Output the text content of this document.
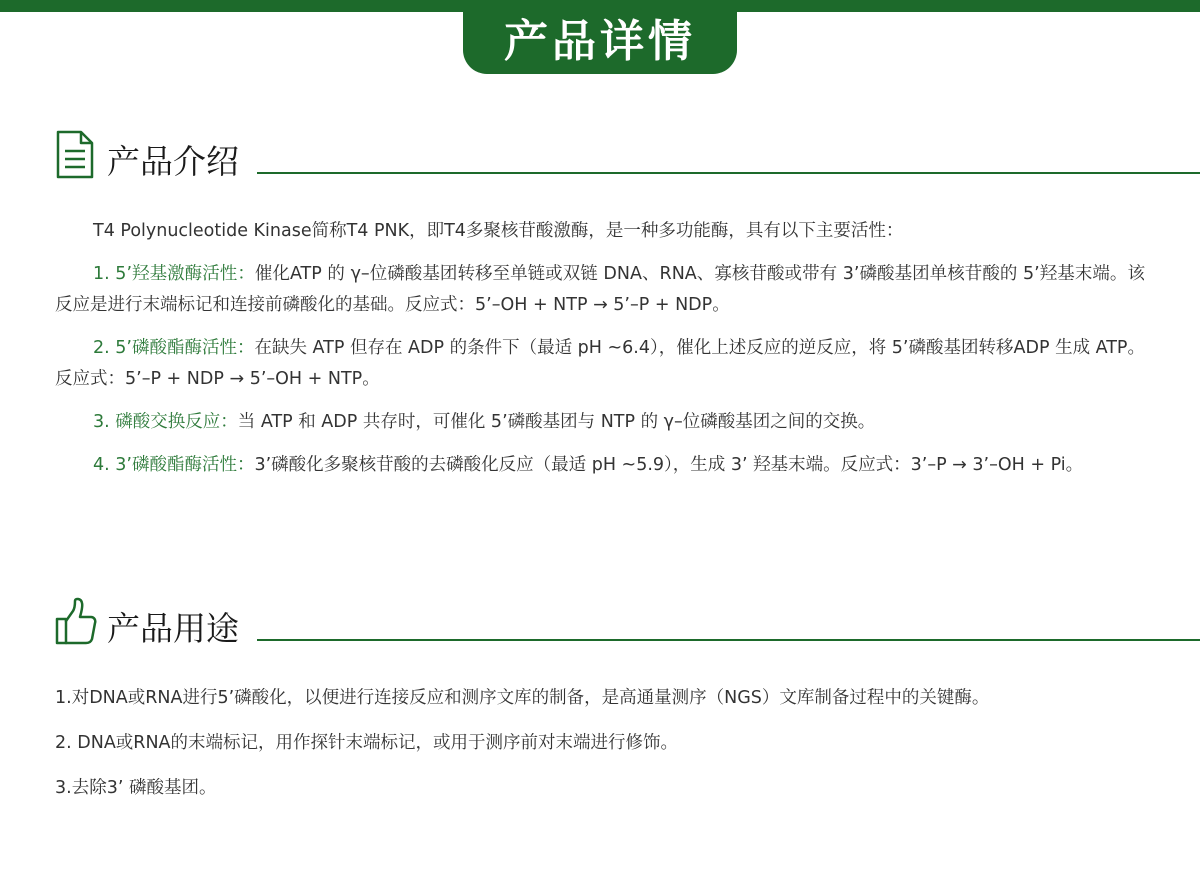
产品详情
产品介绍

T4 Polynucleotide Kinase简称T4 PNK，即T4多聚核苷酸激酶，是一种多功能酶，具有以下主要活性：

1. 5’羟基激酶活性：催化ATP 的 γ–位磷酸基团转移至单链或双链 DNA、RNA、寡核苷酸或带有 3’磷酸基团单核苷酸的 5’羟基末端。该反应是进行末端标记和连接前磷酸化的基础。反应式：5’–OH + NTP → 5’–P + NDP。

2. 5’磷酸酯酶活性：在缺失 ATP 但存在 ADP 的条件下（最适 pH ~6.4），催化上述反应的逆反应，将 5’磷酸基团转移ADP 生成 ATP。反应式：5’–P + NDP → 5’–OH + NTP。

3. 磷酸交换反应：当 ATP 和 ADP 共存时，可催化 5’磷酸基团与 NTP 的 γ–位磷酸基团之间的交换。

4. 3’磷酸酯酶活性：3’磷酸化多聚核苷酸的去磷酸化反应（最适 pH ~5.9），生成 3’ 羟基末端。反应式：3’–P → 3’–OH + Pi。

产品用途

1.对DNA或RNA进行5’磷酸化，以便进行连接反应和测序文库的制备，是高通量测序（NGS）文库制备过程中的关键酶。

2. DNA或RNA的末端标记，用作探针末端标记，或用于测序前对末端进行修饰。

3.去除3’ 磷酸基团。
